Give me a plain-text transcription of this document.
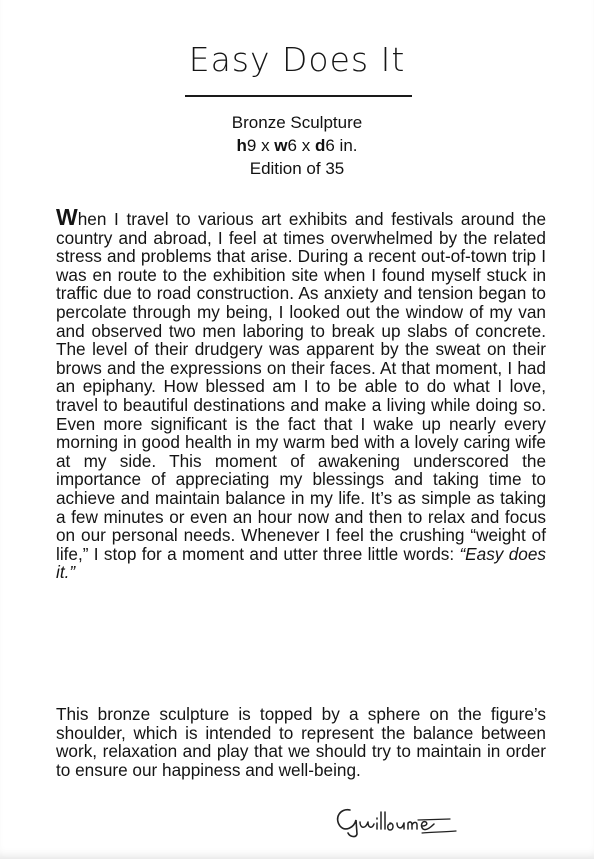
Easy Does It
Bronze Sculpture
h9 x w6 x d6 in.
Edition of 35
When I travel to various art exhibits and festivals around the country and abroad, I feel at times overwhelmed by the related stress and problems that arise. During a recent out-of-town trip I was en route to the exhibition site when I found myself stuck in traffic due to road construction. As anxiety and tension began to percolate through my being, I looked out the window of my van and observed two men laboring to break up slabs of concrete. The level of their drudgery was apparent by the sweat on their brows and the expressions on their faces. At that moment, I had an epiphany. How blessed am I to be able to do what I love, travel to beautiful destinations and make a living while doing so. Even more significant is the fact that I wake up nearly every morning in good health in my warm bed with a lovely caring wife at my side. This moment of awakening underscored the importance of appreciating my blessings and taking time to achieve and maintain balance in my life. It’s as simple as taking a few minutes or even an hour now and then to relax and focus on our personal needs. Whenever I feel the crushing “weight of life,” I stop for a moment and utter three little words: “Easy does it.”
This bronze sculpture is topped by a sphere on the figure’s shoulder, which is intended to represent the balance between work, relaxation and play that we should try to maintain in order to ensure our happiness and well-being.
